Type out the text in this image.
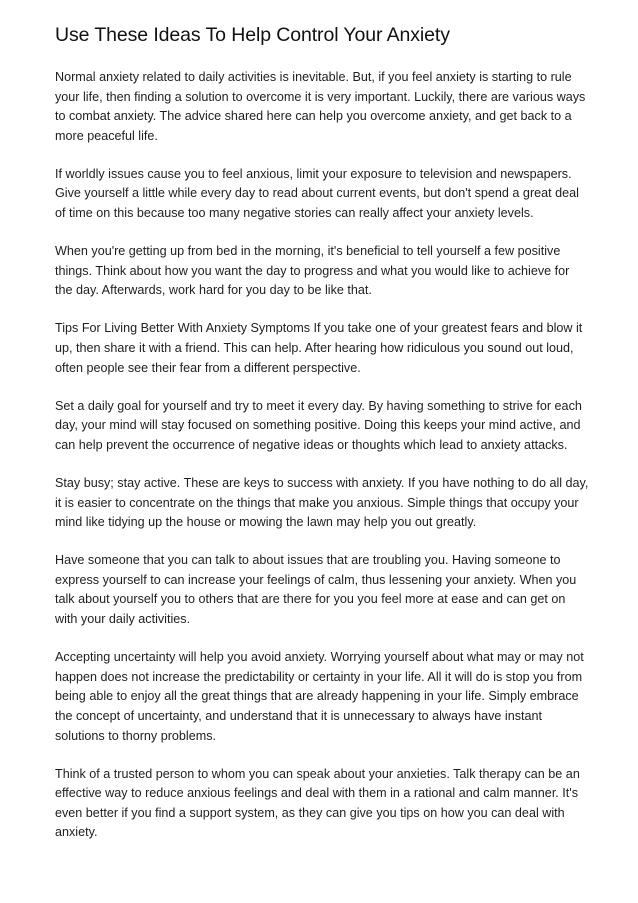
Use These Ideas To Help Control Your Anxiety

Normal anxiety related to daily activities is inevitable. But, if you feel anxiety is starting to rule your life, then finding a solution to overcome it is very important. Luckily, there are various ways to combat anxiety. The advice shared here can help you overcome anxiety, and get back to a more peaceful life.

If worldly issues cause you to feel anxious, limit your exposure to television and newspapers. Give yourself a little while every day to read about current events, but don't spend a great deal of time on this because too many negative stories can really affect your anxiety levels.

When you're getting up from bed in the morning, it's beneficial to tell yourself a few positive things. Think about how you want the day to progress and what you would like to achieve for the day. Afterwards, work hard for you day to be like that.

Tips For Living Better With Anxiety Symptoms If you take one of your greatest fears and blow it up, then share it with a friend. This can help. After hearing how ridiculous you sound out loud, often people see their fear from a different perspective.

Set a daily goal for yourself and try to meet it every day. By having something to strive for each day, your mind will stay focused on something positive. Doing this keeps your mind active, and can help prevent the occurrence of negative ideas or thoughts which lead to anxiety attacks.

Stay busy; stay active. These are keys to success with anxiety. If you have nothing to do all day, it is easier to concentrate on the things that make you anxious. Simple things that occupy your mind like tidying up the house or mowing the lawn may help you out greatly.

Have someone that you can talk to about issues that are troubling you. Having someone to express yourself to can increase your feelings of calm, thus lessening your anxiety. When you talk about yourself you to others that are there for you you feel more at ease and can get on with your daily activities.

Accepting uncertainty will help you avoid anxiety. Worrying yourself about what may or may not happen does not increase the predictability or certainty in your life. All it will do is stop you from being able to enjoy all the great things that are already happening in your life. Simply embrace the concept of uncertainty, and understand that it is unnecessary to always have instant solutions to thorny problems.

Think of a trusted person to whom you can speak about your anxieties. Talk therapy can be an effective way to reduce anxious feelings and deal with them in a rational and calm manner. It's even better if you find a support system, as they can give you tips on how you can deal with anxiety.
